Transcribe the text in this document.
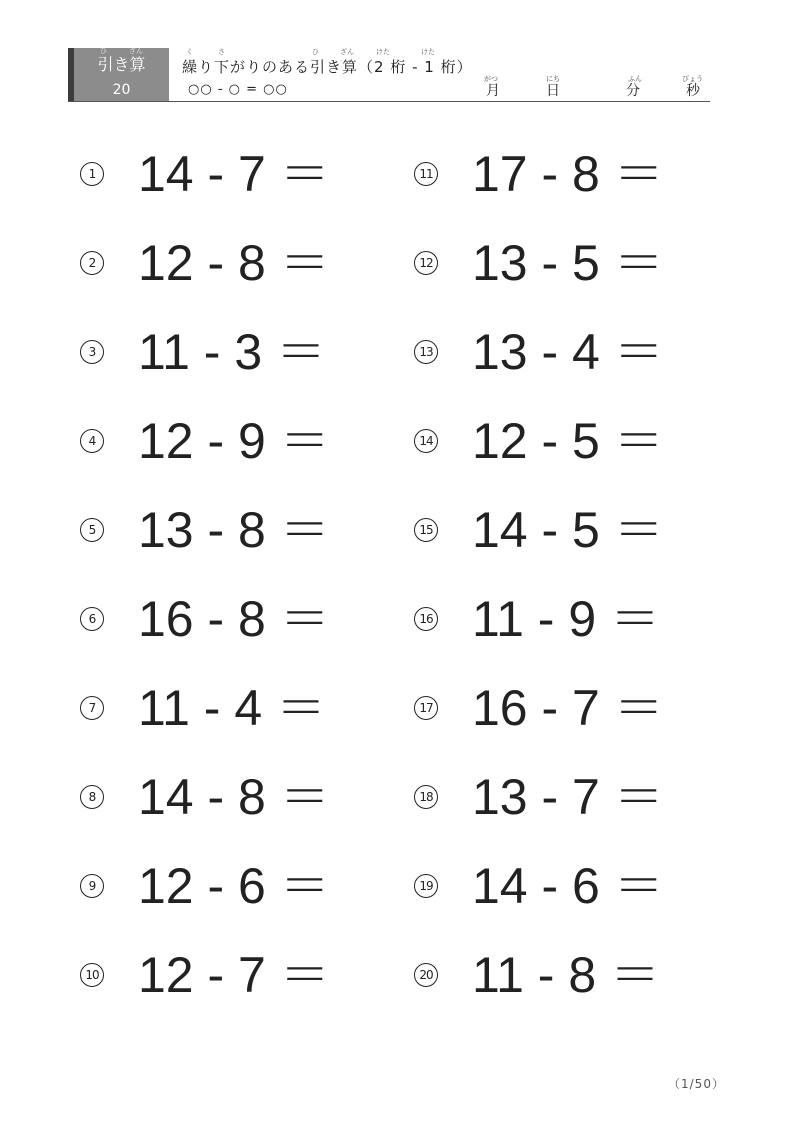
ひ	ざん
引き算
20
く	さ	ひ	ざん	けた	けた
繰り下がりのある引き算（2 桁 - 1 桁）
○○ - ○ = ○○
がつ
月
にち
日
ふん
分
びょう
秒
1 14 - 7 ＝
2 12 - 8 ＝
3 11 - 3 ＝
4 12 - 9 ＝
5 13 - 8 ＝
6 16 - 8 ＝
7 11 - 4 ＝
8 14 - 8 ＝
9 12 - 6 ＝
10 12 - 7 ＝
11 17 - 8 ＝
12 13 - 5 ＝
13 13 - 4 ＝
14 12 - 5 ＝
15 14 - 5 ＝
16 11 - 9 ＝
17 16 - 7 ＝
18 13 - 7 ＝
19 14 - 6 ＝
20 11 - 8 ＝
（1/50）
